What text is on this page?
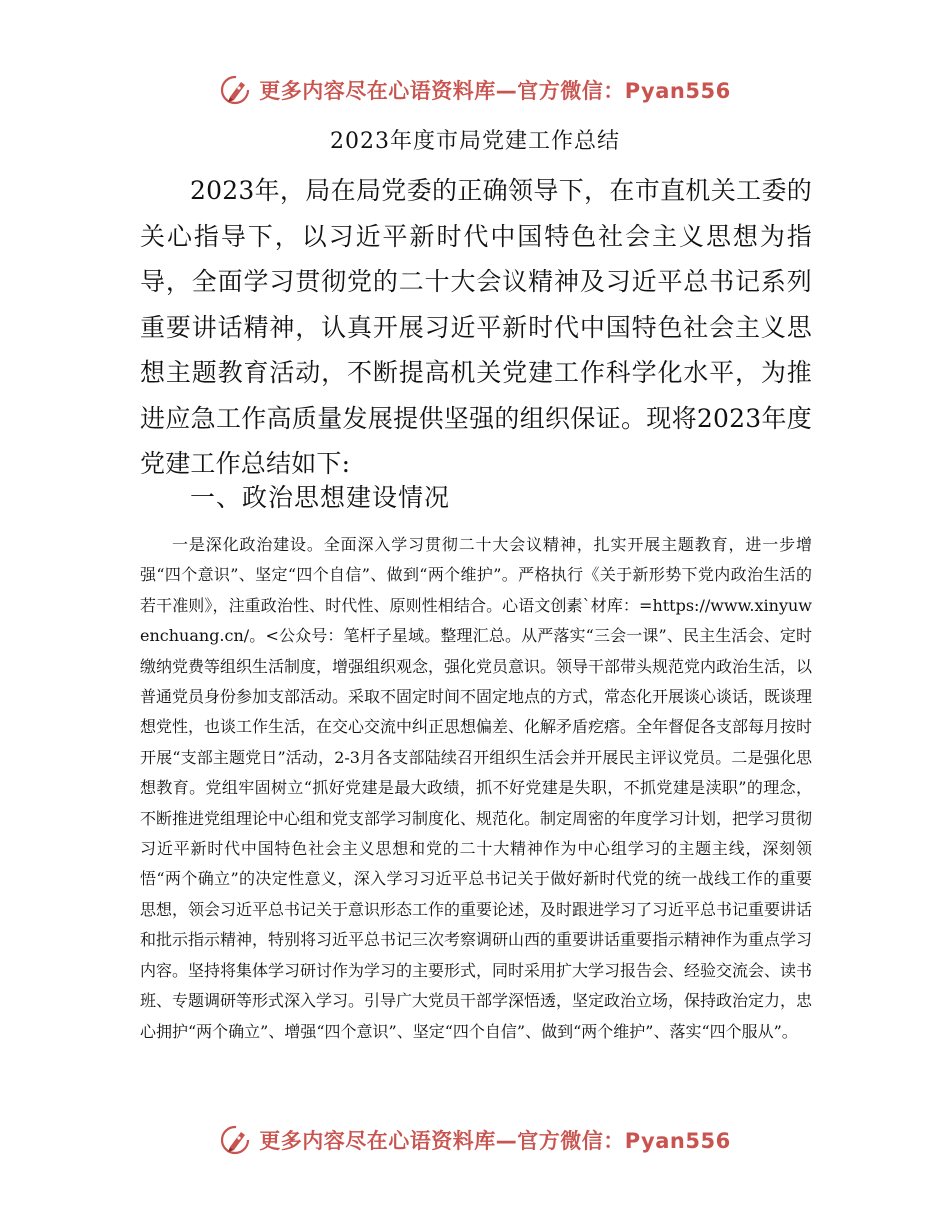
更多内容尽在心语资料库—官方微信：Pyan556
2023年度市局党建工作总结

2023年，局在局党委的正确领导下，在市直机关工委的关心指导下，以习近平新时代中国特色社会主义思想为指导，全面学习贯彻党的二十大会议精神及习近平总书记系列重要讲话精神，认真开展习近平新时代中国特色社会主义思想主题教育活动，不断提高机关党建工作科学化水平，为推进应急工作高质量发展提供坚强的组织保证。现将2023年度党建工作总结如下:

一、政治思想建设情况

一是深化政治建设。全面深入学习贯彻二十大会议精神，扎实开展主题教育，进一步增强“四个意识”、坚定“四个自信”、做到“两个维护”。严格执行《关于新形势下党内政治生活的若干准则》，注重政治性、时代性、原则性相结合。心语文创素`材库：=https://www.xinyuwenchuang.cn/。<公众号：笔杆子星域。整理汇总。从严落实“三会一课”、民主生活会、定时缴纳党费等组织生活制度，增强组织观念，强化党员意识。领导干部带头规范党内政治生活，以普通党员身份参加支部活动。采取不固定时间不固定地点的方式，常态化开展谈心谈话，既谈理想党性，也谈工作生活，在交心交流中纠正思想偏差、化解矛盾疙瘩。全年督促各支部每月按时开展“支部主题党日”活动，2-3月各支部陆续召开组织生活会并开展民主评议党员。二是强化思想教育。党组牢固树立“抓好党建是最大政绩，抓不好党建是失职，不抓党建是渎职”的理念，不断推进党组理论中心组和党支部学习制度化、规范化。制定周密的年度学习计划，把学习贯彻习近平新时代中国特色社会主义思想和党的二十大精神作为中心组学习的主题主线，深刻领悟“两个确立”的决定性意义，深入学习习近平总书记关于做好新时代党的统一战线工作的重要思想，领会习近平总书记关于意识形态工作的重要论述，及时跟进学习了习近平总书记重要讲话和批示指示精神，特别将习近平总书记三次考察调研山西的重要讲话重要指示精神作为重点学习内容。坚持将集体学习研讨作为学习的主要形式，同时采用扩大学习报告会、经验交流会、读书班、专题调研等形式深入学习。引导广大党员干部学深悟透，坚定政治立场，保持政治定力，忠心拥护“两个确立”、增强“四个意识”、坚定“四个自信”、做到“两个维护”、落实“四个服从”。

更多内容尽在心语资料库—官方微信：Pyan556
